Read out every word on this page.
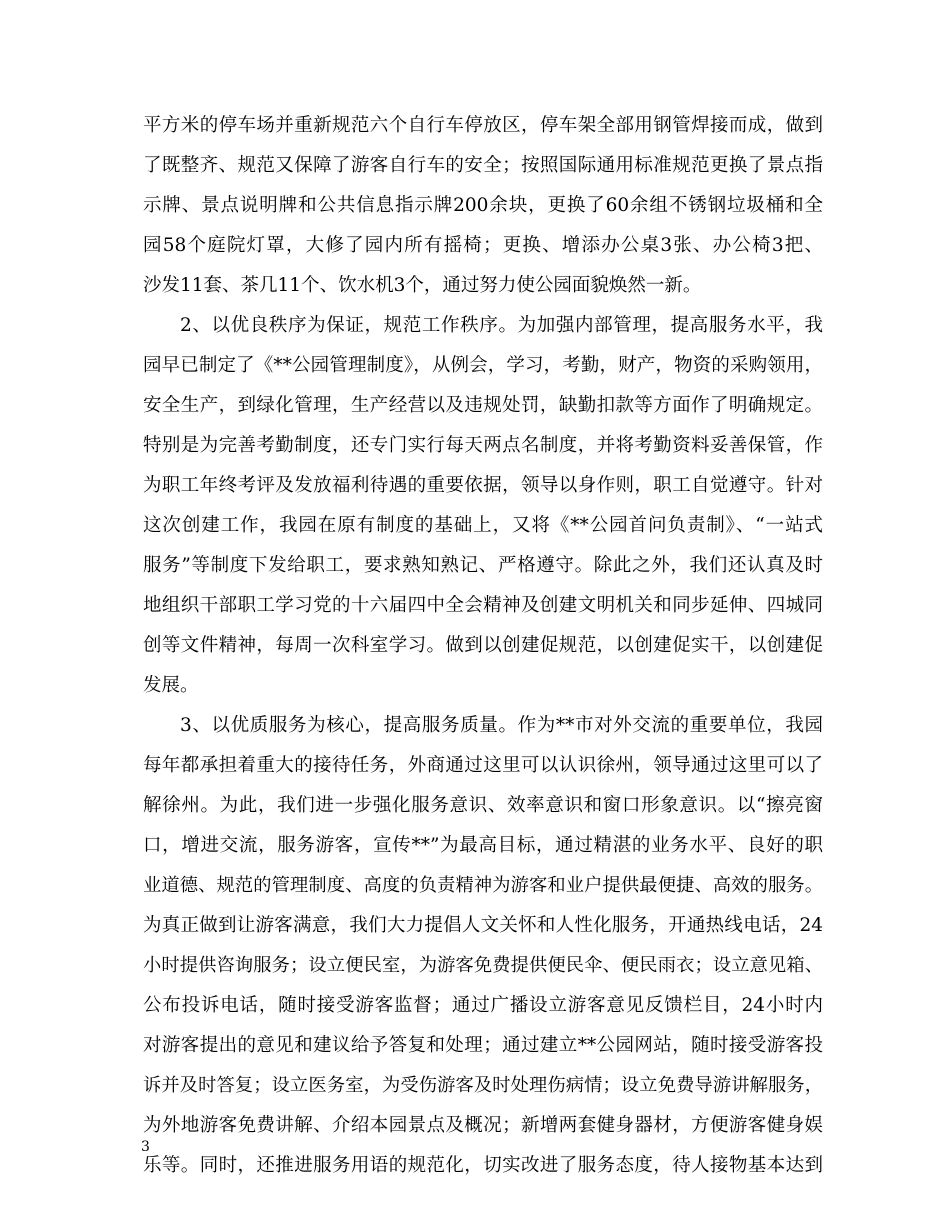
平方米的停车场并重新规范六个自行车停放区，停车架全部用钢管焊接而成，做到
了既整齐、规范又保障了游客自行车的安全；按照国际通用标准规范更换了景点指
示牌、景点说明牌和公共信息指示牌200余块，更换了60余组不锈钢垃圾桶和全
园58个庭院灯罩，大修了园内所有摇椅；更换、增添办公桌3张、办公椅3把、
沙发11套、茶几11个、饮水机3个，通过努力使公园面貌焕然一新。
2、以优良秩序为保证，规范工作秩序。为加强内部管理，提高服务水平，我
园早已制定了《**公园管理制度》，从例会，学习，考勤，财产，物资的采购领用，
安全生产，到绿化管理，生产经营以及违规处罚，缺勤扣款等方面作了明确规定。
特别是为完善考勤制度，还专门实行每天两点名制度，并将考勤资料妥善保管，作
为职工年终考评及发放福利待遇的重要依据，领导以身作则，职工自觉遵守。针对
这次创建工作，我园在原有制度的基础上，又将《**公园首问负责制》、“一站式
服务”等制度下发给职工，要求熟知熟记、严格遵守。除此之外，我们还认真及时
地组织干部职工学习党的十六届四中全会精神及创建文明机关和同步延伸、四城同
创等文件精神，每周一次科室学习。做到以创建促规范，以创建促实干，以创建促
发展。
3、以优质服务为核心，提高服务质量。作为**市对外交流的重要单位，我园
每年都承担着重大的接待任务，外商通过这里可以认识徐州，领导通过这里可以了
解徐州。为此，我们进一步强化服务意识、效率意识和窗口形象意识。以“擦亮窗
口，增进交流，服务游客，宣传**”为最高目标，通过精湛的业务水平、良好的职
业道德、规范的管理制度、高度的负责精神为游客和业户提供最便捷、高效的服务。
为真正做到让游客满意，我们大力提倡人文关怀和人性化服务，开通热线电话，24
小时提供咨询服务；设立便民室，为游客免费提供便民伞、便民雨衣；设立意见箱、
公布投诉电话，随时接受游客监督；通过广播设立游客意见反馈栏目，24小时内
对游客提出的意见和建议给予答复和处理；通过建立**公园网站，随时接受游客投
诉并及时答复；设立医务室，为受伤游客及时处理伤病情；设立免费导游讲解服务，
为外地游客免费讲解、介绍本园景点及概况；新增两套健身器材，方便游客健身娱
乐等。同时，还推进服务用语的规范化，切实改进了服务态度，待人接物基本达到
3
